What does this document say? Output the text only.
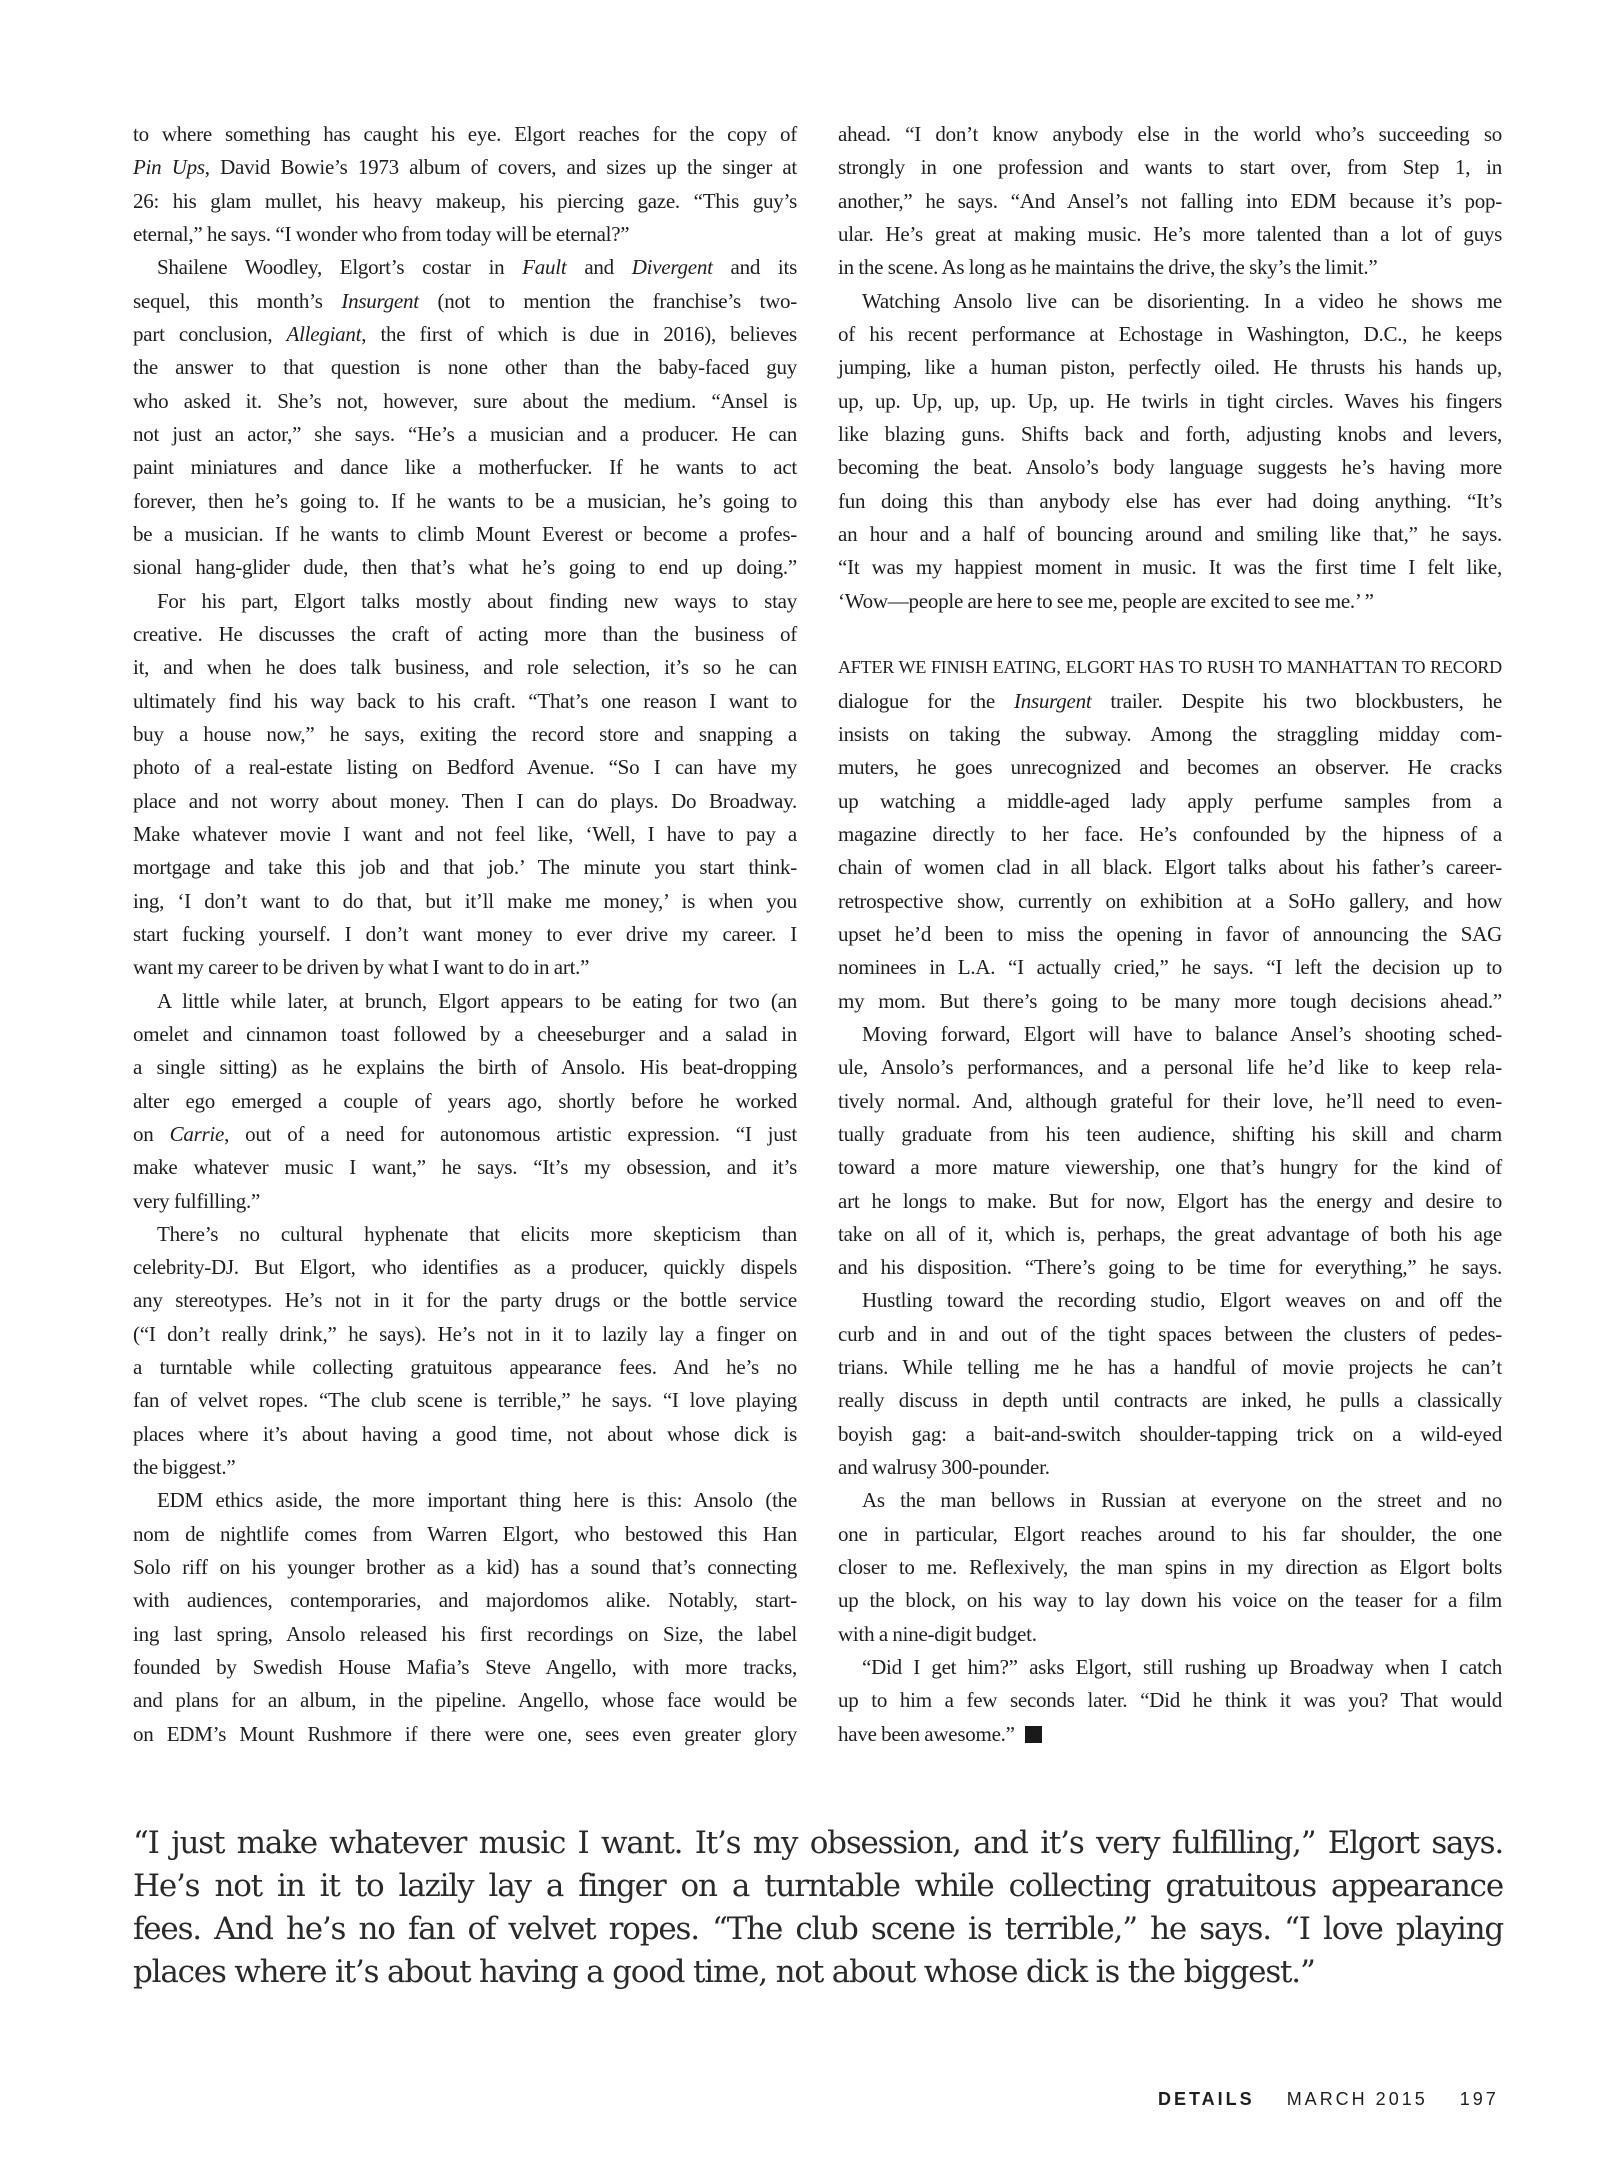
to where something has caught his eye. Elgort reaches for the copy of
Pin Ups, David Bowie’s 1973 album of covers, and sizes up the singer at
26: his glam mullet, his heavy makeup, his piercing gaze. “This guy’s
eternal,” he says. “I wonder who from today will be eternal?”
Shailene Woodley, Elgort’s costar in Fault and Divergent and its
sequel, this month’s Insurgent (not to mention the franchise’s two-
part conclusion, Allegiant, the first of which is due in 2016), believes
the answer to that question is none other than the baby-faced guy
who asked it. She’s not, however, sure about the medium. “Ansel is
not just an actor,” she says. “He’s a musician and a producer. He can
paint miniatures and dance like a motherfucker. If he wants to act
forever, then he’s going to. If he wants to be a musician, he’s going to
be a musician. If he wants to climb Mount Everest or become a profes-
sional hang-glider dude, then that’s what he’s going to end up doing.”
For his part, Elgort talks mostly about finding new ways to stay
creative. He discusses the craft of acting more than the business of
it, and when he does talk business, and role selection, it’s so he can
ultimately find his way back to his craft. “That’s one reason I want to
buy a house now,” he says, exiting the record store and snapping a
photo of a real-estate listing on Bedford Avenue. “So I can have my
place and not worry about money. Then I can do plays. Do Broadway.
Make whatever movie I want and not feel like, ‘Well, I have to pay a
mortgage and take this job and that job.’ The minute you start think-
ing, ‘I don’t want to do that, but it’ll make me money,’ is when you
start fucking yourself. I don’t want money to ever drive my career. I
want my career to be driven by what I want to do in art.”
A little while later, at brunch, Elgort appears to be eating for two (an
omelet and cinnamon toast followed by a cheeseburger and a salad in
a single sitting) as he explains the birth of Ansolo. His beat-dropping
alter ego emerged a couple of years ago, shortly before he worked
on Carrie, out of a need for autonomous artistic expression. “I just
make whatever music I want,” he says. “It’s my obsession, and it’s
very fulfilling.”
There’s no cultural hyphenate that elicits more skepticism than
celebrity-DJ. But Elgort, who identifies as a producer, quickly dispels
any stereotypes. He’s not in it for the party drugs or the bottle service
(“I don’t really drink,” he says). He’s not in it to lazily lay a finger on
a turntable while collecting gratuitous appearance fees. And he’s no
fan of velvet ropes. “The club scene is terrible,” he says. “I love playing
places where it’s about having a good time, not about whose dick is
the biggest.”
EDM ethics aside, the more important thing here is this: Ansolo (the
nom de nightlife comes from Warren Elgort, who bestowed this Han
Solo riff on his younger brother as a kid) has a sound that’s connecting
with audiences, contemporaries, and majordomos alike. Notably, start-
ing last spring, Ansolo released his first recordings on Size, the label
founded by Swedish House Mafia’s Steve Angello, with more tracks,
and plans for an album, in the pipeline. Angello, whose face would be
on EDM’s Mount Rushmore if there were one, sees even greater glory
ahead. “I don’t know anybody else in the world who’s succeeding so
strongly in one profession and wants to start over, from Step 1, in
another,” he says. “And Ansel’s not falling into EDM because it’s pop-
ular. He’s great at making music. He’s more talented than a lot of guys
in the scene. As long as he maintains the drive, the sky’s the limit.”
Watching Ansolo live can be disorienting. In a video he shows me
of his recent performance at Echostage in Washington, D.C., he keeps
jumping, like a human piston, perfectly oiled. He thrusts his hands up,
up, up. Up, up, up. Up, up. He twirls in tight circles. Waves his fingers
like blazing guns. Shifts back and forth, adjusting knobs and levers,
becoming the beat. Ansolo’s body language suggests he’s having more
fun doing this than anybody else has ever had doing anything. “It’s
an hour and a half of bouncing around and smiling like that,” he says.
“It was my happiest moment in music. It was the first time I felt like,
‘Wow—people are here to see me, people are excited to see me.’ ”
AFTER WE FINISH EATING, ELGORT HAS TO RUSH TO MANHATTAN TO RECORD
dialogue for the Insurgent trailer. Despite his two blockbusters, he
insists on taking the subway. Among the straggling midday com-
muters, he goes unrecognized and becomes an observer. He cracks
up watching a middle-aged lady apply perfume samples from a
magazine directly to her face. He’s confounded by the hipness of a
chain of women clad in all black. Elgort talks about his father’s career-
retrospective show, currently on exhibition at a SoHo gallery, and how
upset he’d been to miss the opening in favor of announcing the SAG
nominees in L.A. “I actually cried,” he says. “I left the decision up to
my mom. But there’s going to be many more tough decisions ahead.”
Moving forward, Elgort will have to balance Ansel’s shooting sched-
ule, Ansolo’s performances, and a personal life he’d like to keep rela-
tively normal. And, although grateful for their love, he’ll need to even-
tually graduate from his teen audience, shifting his skill and charm
toward a more mature viewership, one that’s hungry for the kind of
art he longs to make. But for now, Elgort has the energy and desire to
take on all of it, which is, perhaps, the great advantage of both his age
and his disposition. “There’s going to be time for everything,” he says.
Hustling toward the recording studio, Elgort weaves on and off the
curb and in and out of the tight spaces between the clusters of pedes-
trians. While telling me he has a handful of movie projects he can’t
really discuss in depth until contracts are inked, he pulls a classically
boyish gag: a bait-and-switch shoulder-tapping trick on a wild-eyed
and walrusy 300-pounder.
As the man bellows in Russian at everyone on the street and no
one in particular, Elgort reaches around to his far shoulder, the one
closer to me. Reflexively, the man spins in my direction as Elgort bolts
up the block, on his way to lay down his voice on the teaser for a film
with a nine-digit budget.
“Did I get him?” asks Elgort, still rushing up Broadway when I catch
up to him a few seconds later. “Did he think it was you? That would
have been awesome.”
“I just make whatever music I want. It’s my obsession, and it’s very fulfilling,” Elgort says.
He’s not in it to lazily lay a finger on a turntable while collecting gratuitous appearance
fees. And he’s no fan of velvet ropes. “The club scene is terrible,” he says. “I love playing
places where it’s about having a good time, not about whose dick is the biggest.”
DETAILS MARCH 2015 197
